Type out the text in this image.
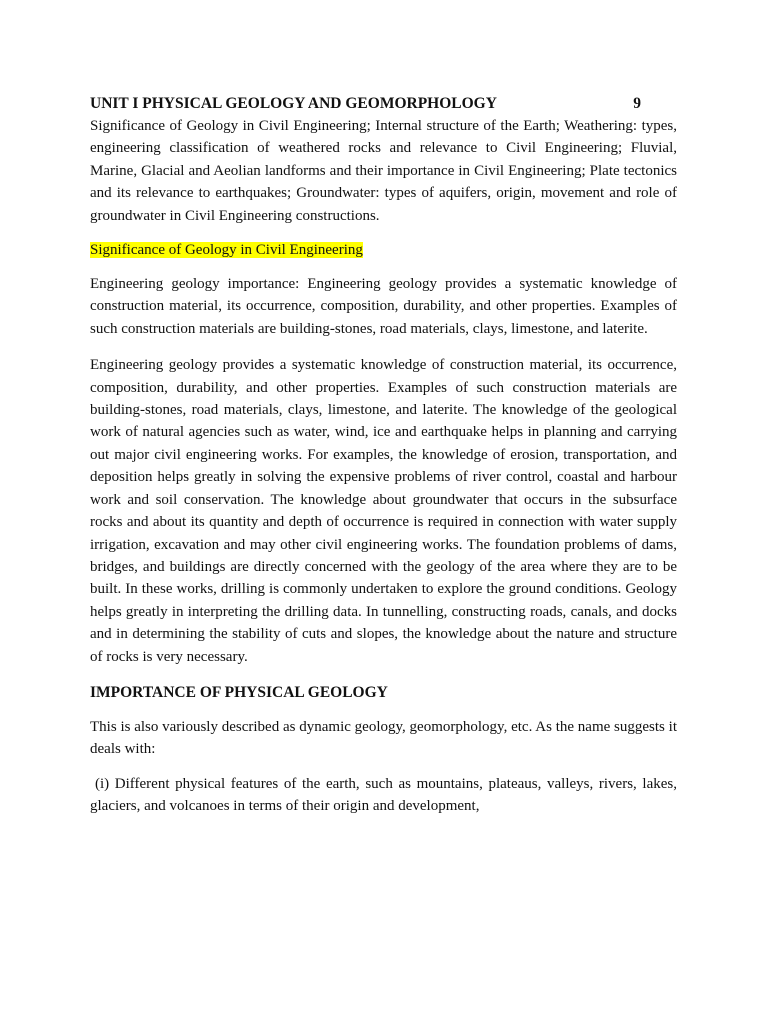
UNIT I PHYSICAL GEOLOGY AND GEOMORPHOLOGY	9

Significance of Geology in Civil Engineering; Internal structure of the Earth; Weathering: types, engineering classification of weathered rocks and relevance to Civil Engineering; Fluvial, Marine, Glacial and Aeolian landforms and their importance in Civil Engineering; Plate tectonics and its relevance to earthquakes; Groundwater: types of aquifers, origin, movement and role of groundwater in Civil Engineering constructions.

Significance of Geology in Civil Engineering

Engineering geology importance: Engineering geology provides a systematic knowledge of construction material, its occurrence, composition, durability, and other properties. Examples of such construction materials are building-stones, road materials, clays, limestone, and laterite.

Engineering geology provides a systematic knowledge of construction material, its occurrence, composition, durability, and other properties. Examples of such construction materials are building-stones, road materials, clays, limestone, and laterite. The knowledge of the geological work of natural agencies such as water, wind, ice and earthquake helps in planning and carrying out major civil engineering works. For examples, the knowledge of erosion, transportation, and deposition helps greatly in solving the expensive problems of river control, coastal and harbour work and soil conservation. The knowledge about groundwater that occurs in the subsurface rocks and about its quantity and depth of occurrence is required in connection with water supply irrigation, excavation and may other civil engineering works. The foundation problems of dams, bridges, and buildings are directly concerned with the geology of the area where they are to be built. In these works, drilling is commonly undertaken to explore the ground conditions. Geology helps greatly in interpreting the drilling data. In tunnelling, constructing roads, canals, and docks and in determining the stability of cuts and slopes, the knowledge about the nature and structure of rocks is very necessary.

IMPORTANCE OF PHYSICAL GEOLOGY

This is also variously described as dynamic geology, geomorphology, etc. As the name suggests it deals with:

(i) Different physical features of the earth, such as mountains, plateaus, valleys, rivers, lakes, glaciers, and volcanoes in terms of their origin and development,
